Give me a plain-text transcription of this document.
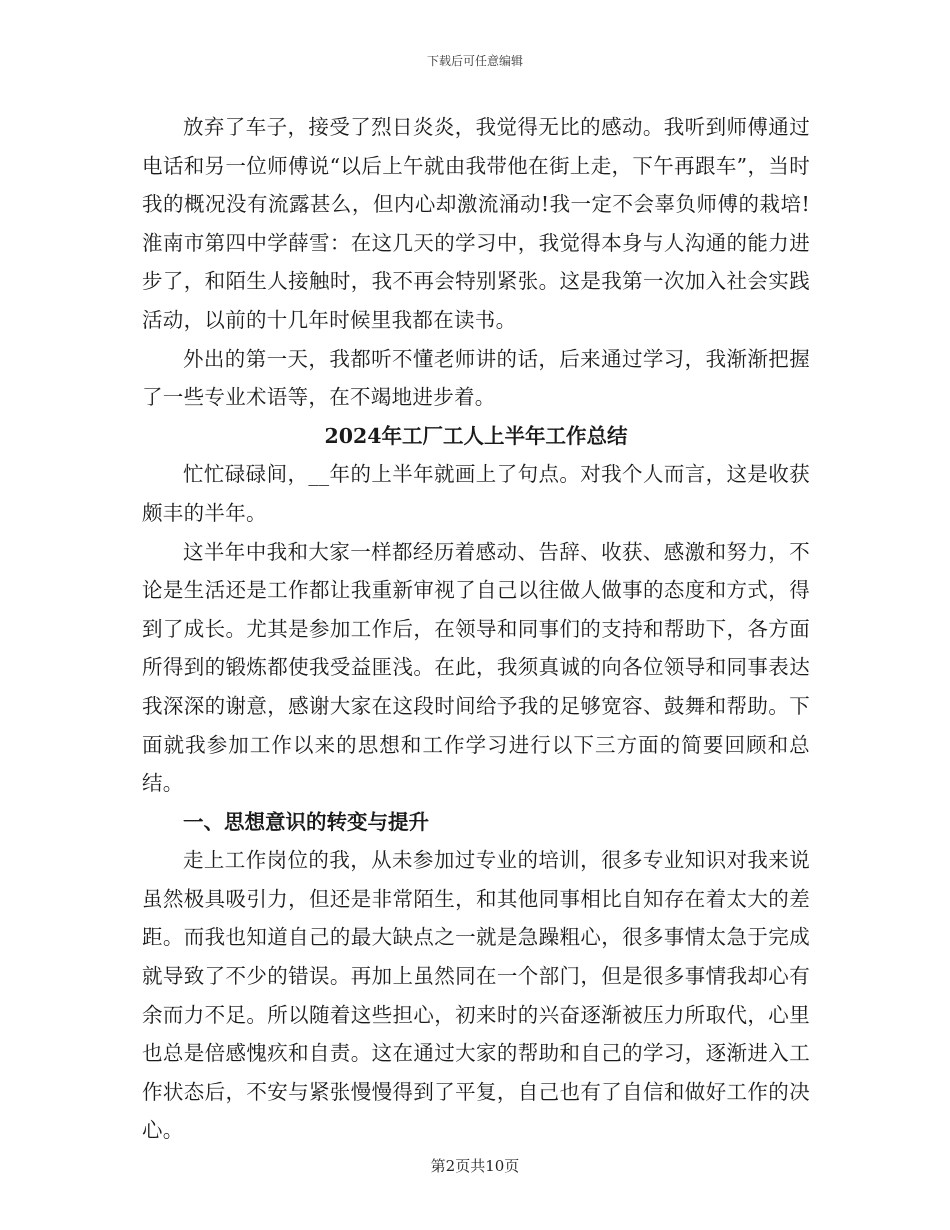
下载后可任意编辑

放弃了车子，接受了烈日炎炎，我觉得无比的感动。我听到师傅通过电话和另一位师傅说“以后上午就由我带他在街上走，下午再跟车”，当时我的概况没有流露甚么，但内心却激流涌动!我一定不会辜负师傅的栽培!淮南市第四中学薛雪：在这几天的学习中，我觉得本身与人沟通的能力进步了，和陌生人接触时，我不再会特别紧张。这是我第一次加入社会实践活动，以前的十几年时候里我都在读书。

外出的第一天，我都听不懂老师讲的话，后来通过学习，我渐渐把握了一些专业术语等，在不竭地进步着。

2024年工厂工人上半年工作总结

忙忙碌碌间，__年的上半年就画上了句点。对我个人而言，这是收获颇丰的半年。

这半年中我和大家一样都经历着感动、告辞、收获、感激和努力，不论是生活还是工作都让我重新审视了自己以往做人做事的态度和方式，得到了成长。尤其是参加工作后，在领导和同事们的支持和帮助下，各方面所得到的锻炼都使我受益匪浅。在此，我须真诚的向各位领导和同事表达我深深的谢意，感谢大家在这段时间给予我的足够宽容、鼓舞和帮助。下面就我参加工作以来的思想和工作学习进行以下三方面的简要回顾和总结。

一、思想意识的转变与提升

走上工作岗位的我，从未参加过专业的培训，很多专业知识对我来说虽然极具吸引力，但还是非常陌生，和其他同事相比自知存在着太大的差距。而我也知道自己的最大缺点之一就是急躁粗心，很多事情太急于完成就导致了不少的错误。再加上虽然同在一个部门，但是很多事情我却心有余而力不足。所以随着这些担心，初来时的兴奋逐渐被压力所取代，心里也总是倍感愧疚和自责。这在通过大家的帮助和自己的学习，逐渐进入工作状态后，不安与紧张慢慢得到了平复，自己也有了自信和做好工作的决心。

第2页共10页
